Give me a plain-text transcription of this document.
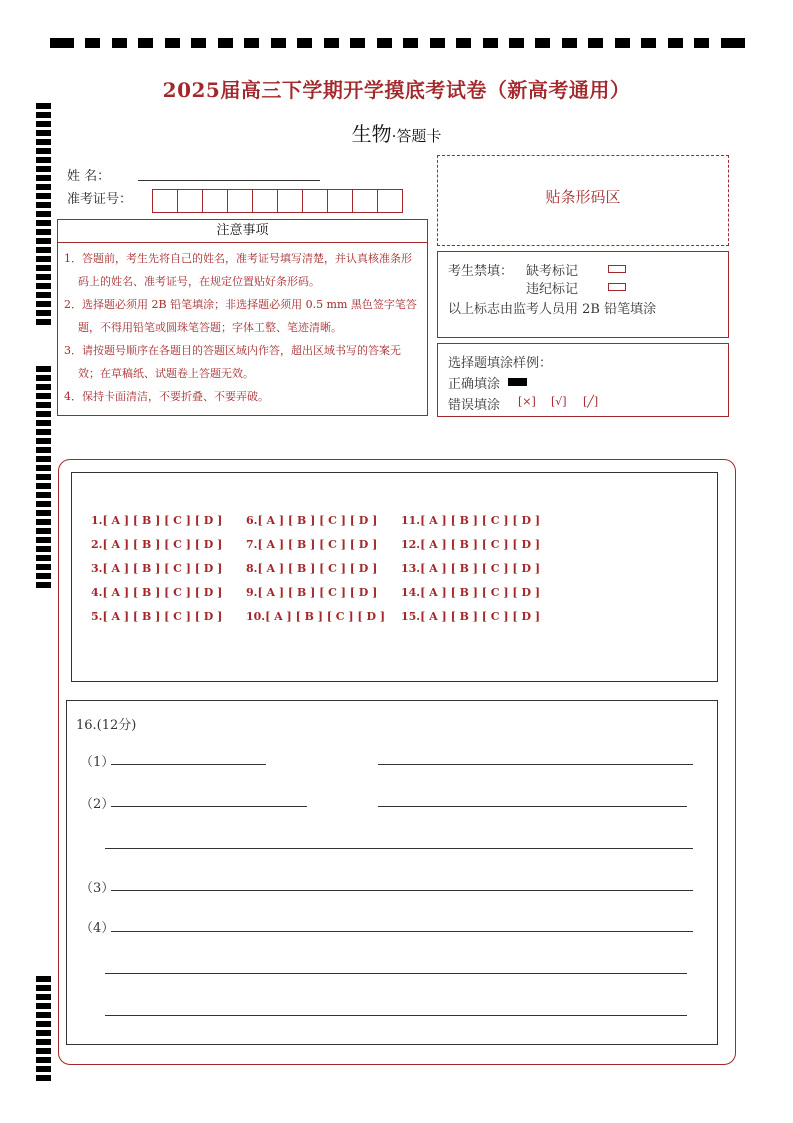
2025届高三下学期开学摸底考试卷（新高考通用）
生物·答题卡
姓 名：
准考证号：
注意事项

1．答题前，考生先将自己的姓名，准考证号填写清楚，并认真核准条形码上的姓名、准考证号，在规定位置贴好条形码。

2．选择题必须用 2B 铅笔填涂；非选择题必须用 0.5 mm 黑色签字笔答题，不得用铅笔或圆珠笔答题；字体工整、笔迹清晰。

3．请按题号顺序在各题目的答题区域内作答，超出区域书写的答案无效；在草稿纸、试题卷上答题无效。

4．保持卡面清洁，不要折叠、不要弄破。

贴条形码区
考生禁填： 缺考标记
违纪标记
以上标志由监考人员用 2B 铅笔填涂
选择题填涂样例：
正确填涂
错误填涂 [×] [√] [╱]
1.[ A ] [ B ] [ C ] [ D ]
2.[ A ] [ B ] [ C ] [ D ]
3.[ A ] [ B ] [ C ] [ D ]
4.[ A ] [ B ] [ C ] [ D ]
5.[ A ] [ B ] [ C ] [ D ]
6.[ A ] [ B ] [ C ] [ D ]
7.[ A ] [ B ] [ C ] [ D ]
8.[ A ] [ B ] [ C ] [ D ]
9.[ A ] [ B ] [ C ] [ D ]
10.[ A ] [ B ] [ C ] [ D ]
11.[ A ] [ B ] [ C ] [ D ]
12.[ A ] [ B ] [ C ] [ D ]
13.[ A ] [ B ] [ C ] [ D ]
14.[ A ] [ B ] [ C ] [ D ]
15.[ A ] [ B ] [ C ] [ D ]
16.(12分)
（1）
（2）
（3）
（4）
